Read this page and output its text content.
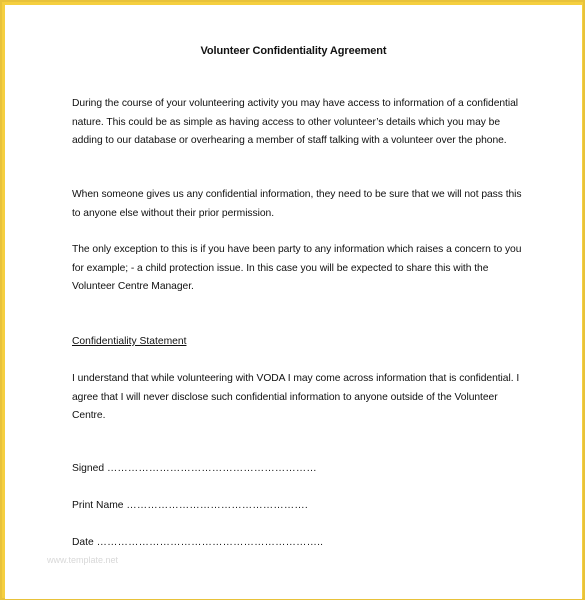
Volunteer Confidentiality Agreement

During the course of your volunteering activity you may have access to information of a confidential nature. This could be as simple as having access to other volunteer’s details which you may be adding to our database or overhearing a member of staff talking with a volunteer over the phone.

When someone gives us any confidential information, they need to be sure that we will not pass this to anyone else without their prior permission.

The only exception to this is if you have been party to any information which raises a concern to you for example; - a child protection issue. In this case you will be expected to share this with the Volunteer Centre Manager.

Confidentiality Statement

I understand that while volunteering with VODA I may come across information that is confidential. I agree that I will never disclose such confidential information to anyone outside of the Volunteer Centre.

Signed ……………………………………………………
Print Name …………………………………………….
Date ………………………………………………………..
www.template.net
